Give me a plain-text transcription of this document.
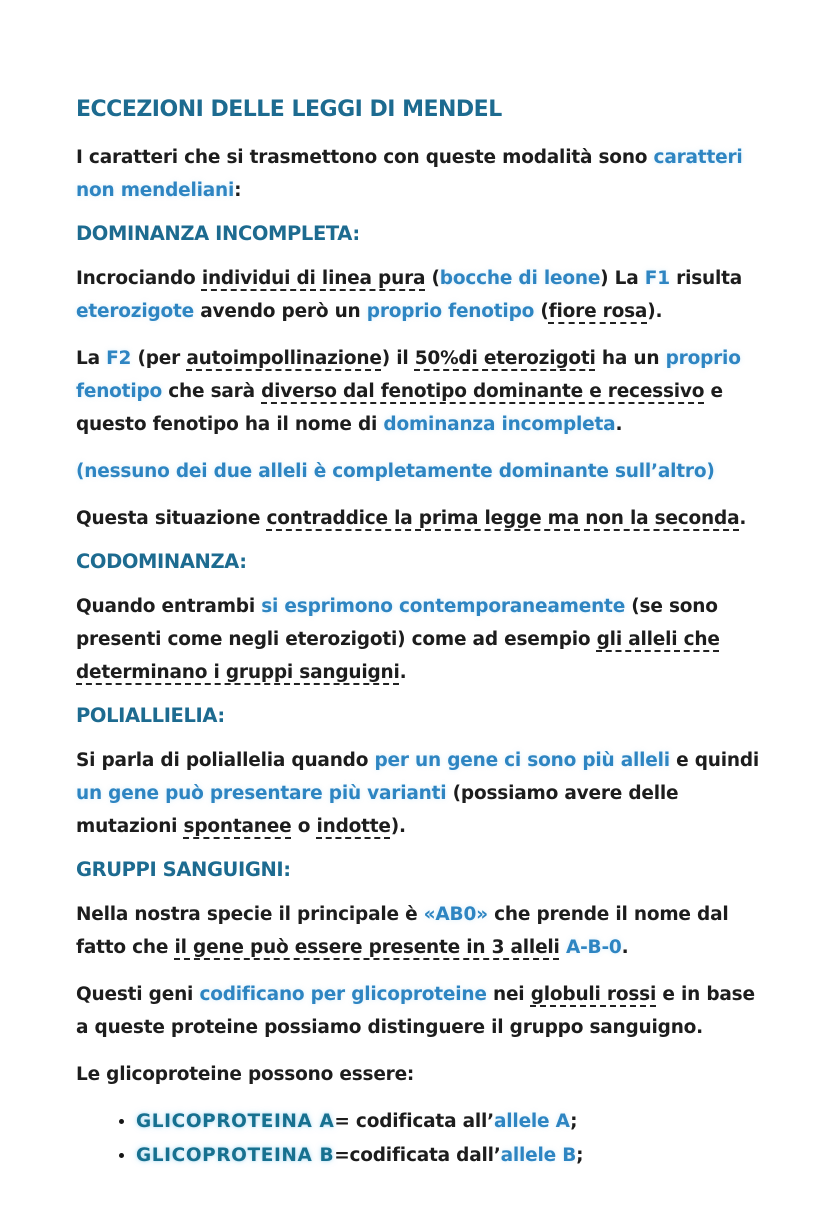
ECCEZIONI DELLE LEGGI DI MENDEL

I caratteri che si trasmettono con queste modalità sono caratteri non mendeliani:

DOMINANZA INCOMPLETA:

Incrociando individui di linea pura (bocche di leone) La F1 risulta eterozigote avendo però un proprio fenotipo (fiore rosa).

La F2 (per autoimpollinazione) il 50%di eterozigoti ha un proprio fenotipo che sarà diverso dal fenotipo dominante e recessivo e questo fenotipo ha il nome di dominanza incompleta.

(nessuno dei due alleli è completamente dominante sull’altro)

Questa situazione contraddice la prima legge ma non la seconda.

CODOMINANZA:

Quando entrambi si esprimono contemporaneamente (se sono presenti come negli eterozigoti) come ad esempio gli alleli che determinano i gruppi sanguigni.

POLIALLIELIA:

Si parla di poliallelia quando per un gene ci sono più alleli e quindi un gene può presentare più varianti (possiamo avere delle mutazioni spontanee o indotte).

GRUPPI SANGUIGNI:

Nella nostra specie il principale è «AB0» che prende il nome dal fatto che il gene può essere presente in 3 alleli A-B-0.

Questi geni codificano per glicoproteine nei globuli rossi e in base a queste proteine possiamo distinguere il gruppo sanguigno.

Le glicoproteine possono essere:

• GLICOPROTEINA A= codificata all’allele A;
• GLICOPROTEINA B=codificata dall’allele B;
